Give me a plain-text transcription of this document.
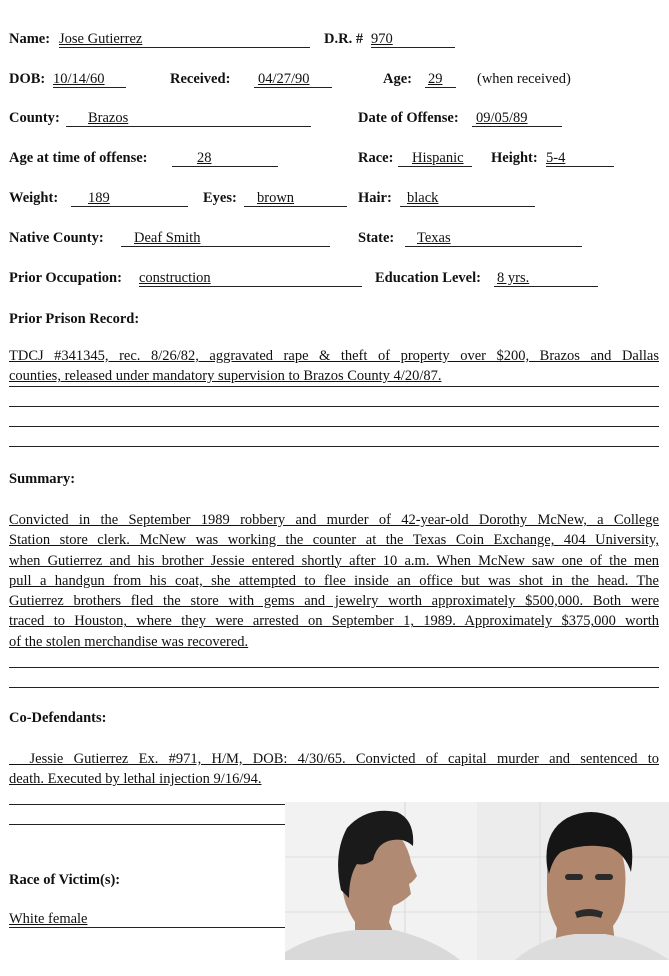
Name: Jose Gutierrez	D.R. # 970
DOB: 10/14/60	Received: 04/27/90	Age: 29 (when received)
County: Brazos	Date of Offense: 09/05/89
Age at time of offense:	28	Race: Hispanic Height: 5-4
Weight: 189	Eyes: brown	Hair: black
Native County: Deaf Smith	State: Texas
Prior Occupation: construction	Education Level: 8 yrs.
Prior Prison Record:
TDCJ #341345, rec. 8/26/82, aggravated rape & theft of property over $200, Brazos and Dallas
counties, released under mandatory supervision to Brazos County 4/20/87.
Summary:
Convicted in the September 1989 robbery and murder of 42-year-old Dorothy McNew, a College
Station store clerk. McNew was working the counter at the Texas Coin Exchange, 404 University,
when Gutierrez and his brother Jessie entered shortly after 10 a.m. When McNew saw one of the men
pull a handgun from his coat, she attempted to flee inside an office but was shot in the head. The
Gutierrez brothers fled the store with gems and jewelry worth approximately $500,000. Both were
traced to Houston, where they were arrested on September 1, 1989. Approximately $375,000 worth
of the stolen merchandise was recovered.
Co-Defendants:
Jessie Gutierrez Ex. #971, H/M, DOB: 4/30/65. Convicted of capital murder and sentenced to
death. Executed by lethal injection 9/16/94.
Race of Victim(s):
White female
